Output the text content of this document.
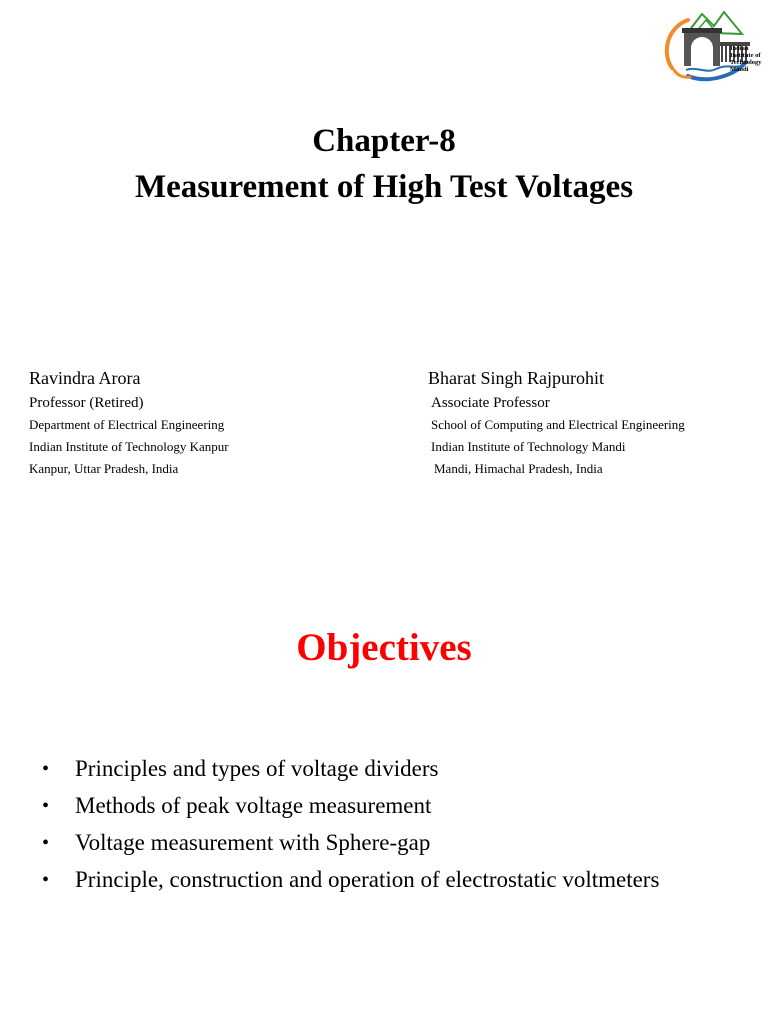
Indian
Institute of
Technology
Mandi
Chapter-8
Measurement of High Test Voltages
Ravindra Arora
Professor (Retired)
Department of Electrical Engineering
Indian Institute of Technology Kanpur
Kanpur, Uttar Pradesh, India
Bharat Singh Rajpurohit
Associate Professor
School of Computing and Electrical Engineering
Indian Institute of Technology Mandi
Mandi, Himachal Pradesh, India
Objectives
• Principles and types of voltage dividers
• Methods of peak voltage measurement
• Voltage measurement with Sphere-gap
• Principle, construction and operation of electrostatic voltmeters
